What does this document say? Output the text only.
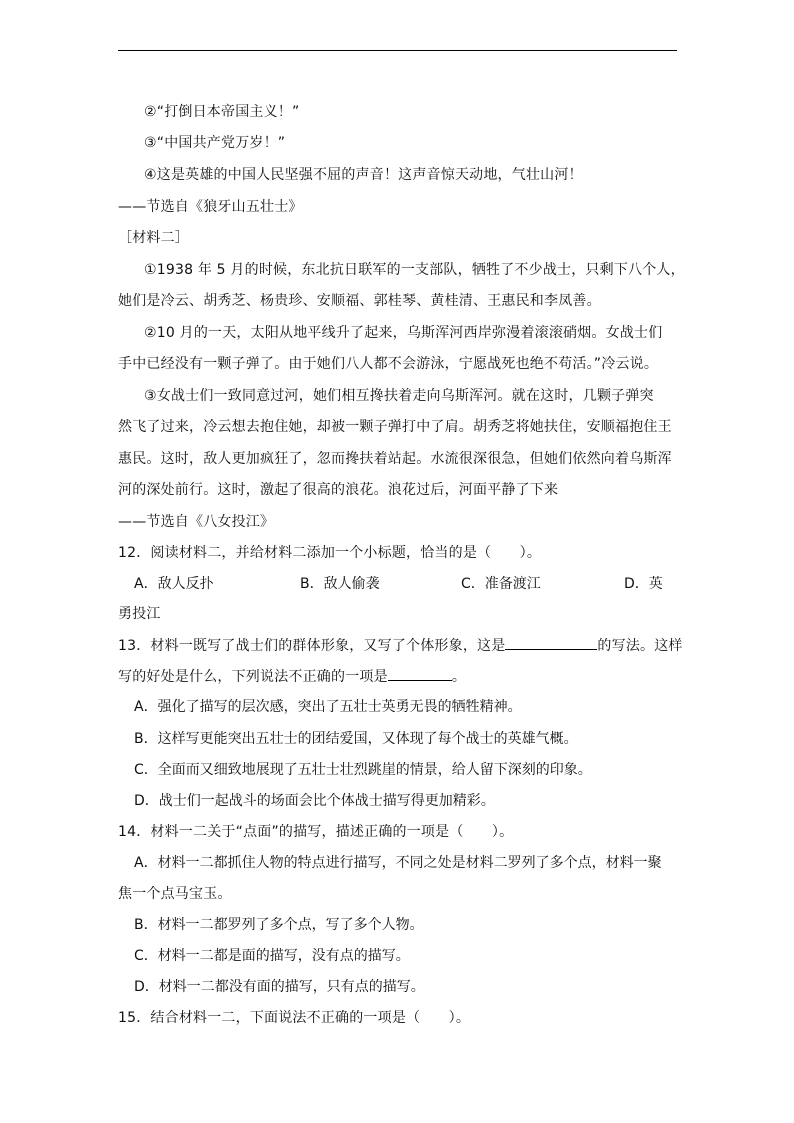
②“打倒日本帝国主义！”
③“中国共产党万岁！”
④这是英雄的中国人民坚强不屈的声音！这声音惊天动地，气壮山河！
——节选自《狼牙山五壮士》
［材料二］
①1938 年 5 月的时候，东北抗日联军的一支部队，牺牲了不少战士，只剩下八个人，
她们是冷云、胡秀芝、杨贵珍、安顺福、郭桂琴、黄桂清、王惠民和李凤善。
②10 月的一天，太阳从地平线升了起来，乌斯浑河西岸弥漫着滚滚硝烟。女战士们
手中已经没有一颗子弹了。由于她们八人都不会游泳，宁愿战死也绝不苟活。”冷云说。
③女战士们一致同意过河，她们相互搀扶着走向乌斯浑河。就在这时，几颗子弹突
然飞了过来，冷云想去抱住她，却被一颗子弹打中了肩。胡秀芝将她扶住，安顺福抱住王
惠民。这时，敌人更加疯狂了，忽而搀扶着站起。水流很深很急，但她们依然向着乌斯浑
河的深处前行。这时，激起了很高的浪花。浪花过后，河面平静了下来
——节选自《八女投江》
12．阅读材料二，并给材料二添加一个小标题，恰当的是（　　）。
A．敌人反扑	B．敌人偷袭	C．准备渡江	D．英
勇投江
13．材料一既写了战士们的群体形象，又写了个体形象，这是	的写法。这样
写的好处是什么，下列说法不正确的一项是	。
A．强化了描写的层次感，突出了五壮士英勇无畏的牺牲精神。
B．这样写更能突出五壮士的团结爱国，又体现了每个战士的英雄气概。
C．全面而又细致地展现了五壮士壮烈跳崖的情景，给人留下深刻的印象。
D．战士们一起战斗的场面会比个体战士描写得更加精彩。
14．材料一二关于“点面”的描写，描述正确的一项是（　　）。
A．材料一二都抓住人物的特点进行描写，不同之处是材料二罗列了多个点，材料一聚
焦一个点马宝玉。
B．材料一二都罗列了多个点，写了多个人物。
C．材料一二都是面的描写，没有点的描写。
D．材料一二都没有面的描写，只有点的描写。
15．结合材料一二，下面说法不正确的一项是（　　）。
